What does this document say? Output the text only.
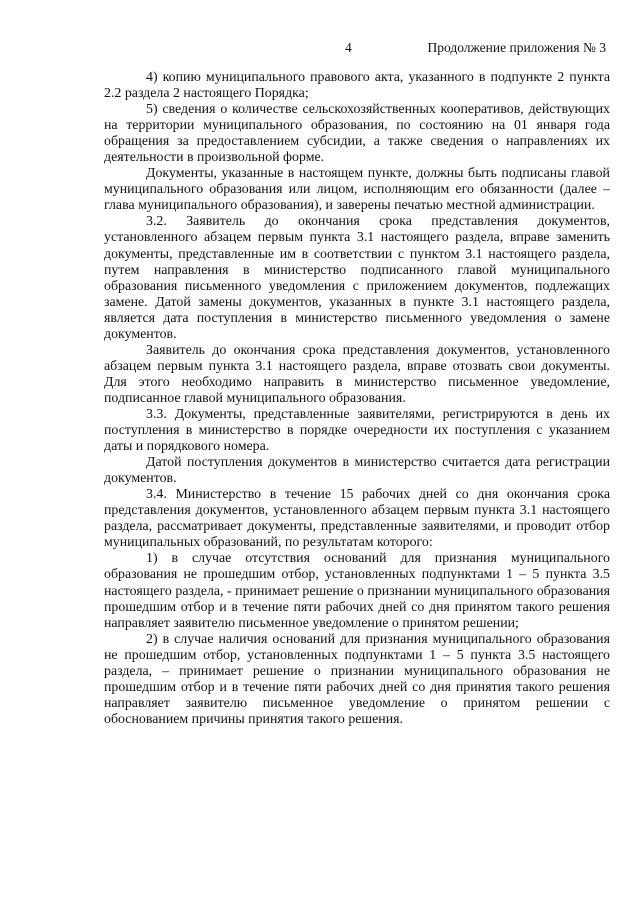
4	Продолжение приложения № 3

4) копию муниципального правового акта, указанного в подпункте 2 пункта 2.2 раздела 2 настоящего Порядка;

5) сведения о количестве сельскохозяйственных кооперативов, действующих на территории муниципального образования, по состоянию на 01 января года обращения за предоставлением субсидии, а также сведения о направлениях их деятельности в произвольной форме.

Документы, указанные в настоящем пункте, должны быть подписаны главой муниципального образования или лицом, исполняющим его обязанности (далее – глава муниципального образования), и заверены печатью местной администрации.

3.2. Заявитель до окончания срока представления документов, установленного абзацем первым пункта 3.1 настоящего раздела, вправе заменить документы, представленные им в соответствии с пунктом 3.1 настоящего раздела, путем направления в министерство подписанного главой муниципального образования письменного уведомления с приложением документов, подлежащих замене. Датой замены документов, указанных в пункте 3.1 настоящего раздела, является дата поступления в министерство письменного уведомления о замене документов.

Заявитель до окончания срока представления документов, установленного абзацем первым пункта 3.1 настоящего раздела, вправе отозвать свои документы. Для этого необходимо направить в министерство письменное уведомление, подписанное главой муниципального образования.

3.3. Документы, представленные заявителями, регистрируются в день их поступления в министерство в порядке очередности их поступления с указанием даты и порядкового номера.

Датой поступления документов в министерство считается дата регистрации документов.

3.4. Министерство в течение 15 рабочих дней со дня окончания срока представления документов, установленного абзацем первым пункта 3.1 настоящего раздела, рассматривает документы, представленные заявителями, и проводит отбор муниципальных образований, по результатам которого:

1) в случае отсутствия оснований для признания муниципального образования не прошедшим отбор, установленных подпунктами 1 – 5 пункта 3.5 настоящего раздела, - принимает решение о признании муниципального образования прошедшим отбор и в течение пяти рабочих дней со дня принятом такого решения направляет заявителю письменное уведомление о принятом решении;

2) в случае наличия оснований для признания муниципального образования не прошедшим отбор, установленных подпунктами 1 – 5 пункта 3.5 настоящего раздела, – принимает решение о признании муниципального образования не прошедшим отбор и в течение пяти рабочих дней со дня принятия такого решения направляет заявителю письменное уведомление о принятом решении с обоснованием причины принятия такого решения.
